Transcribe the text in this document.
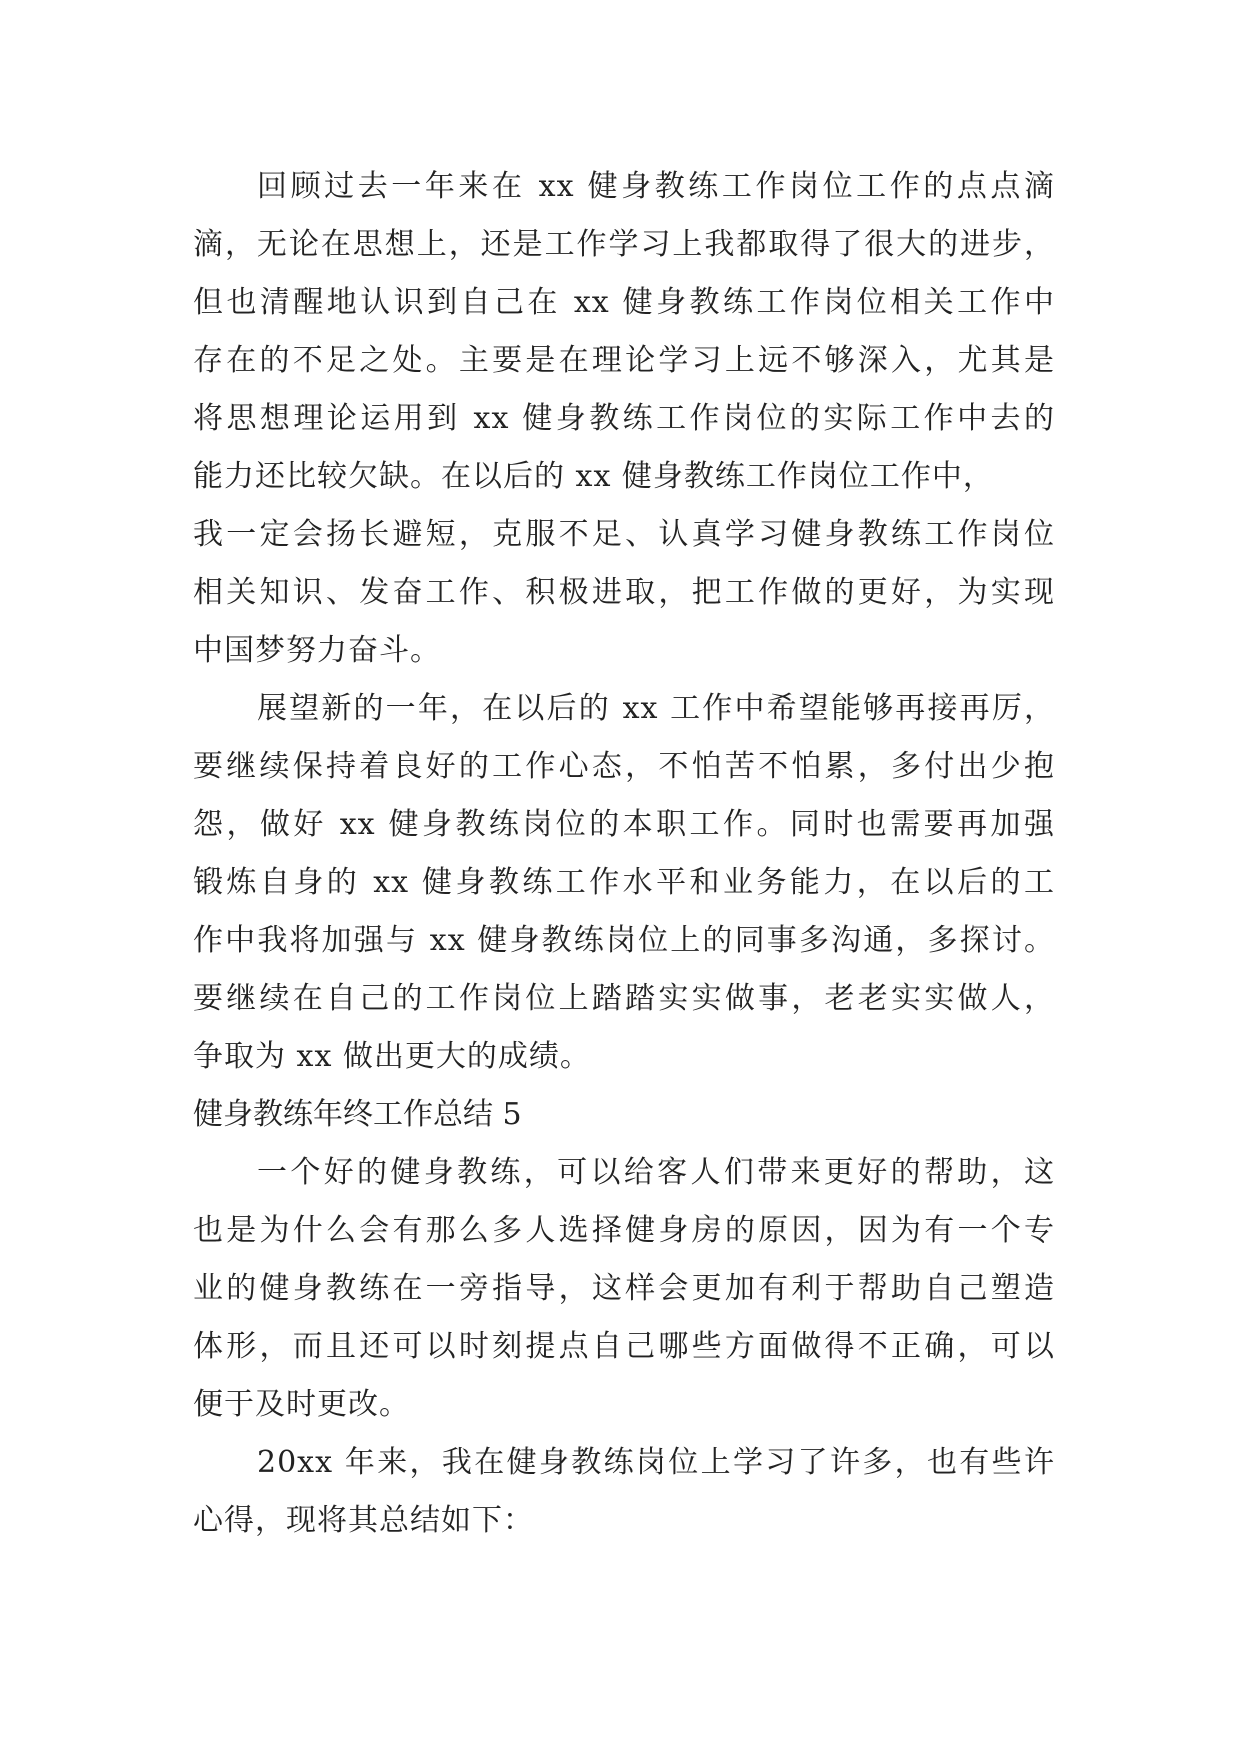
回顾过去一年来在 xx 健身教练工作岗位工作的点点滴
滴，无论在思想上，还是工作学习上我都取得了很大的进步，
但也清醒地认识到自己在 xx 健身教练工作岗位相关工作中
存在的不足之处。主要是在理论学习上远不够深入，尤其是
将思想理论运用到 xx 健身教练工作岗位的实际工作中去的
能力还比较欠缺。在以后的 xx 健身教练工作岗位工作中，
我一定会扬长避短，克服不足、认真学习健身教练工作岗位
相关知识、发奋工作、积极进取，把工作做的更好，为实现
中国梦努力奋斗。
展望新的一年，在以后的 xx 工作中希望能够再接再厉，
要继续保持着良好的工作心态，不怕苦不怕累，多付出少抱
怨，做好 xx 健身教练岗位的本职工作。同时也需要再加强
锻炼自身的 xx 健身教练工作水平和业务能力，在以后的工
作中我将加强与 xx 健身教练岗位上的同事多沟通，多探讨。
要继续在自己的工作岗位上踏踏实实做事，老老实实做人，
争取为 xx 做出更大的成绩。
健身教练年终工作总结 5
一个好的健身教练，可以给客人们带来更好的帮助，这
也是为什么会有那么多人选择健身房的原因，因为有一个专
业的健身教练在一旁指导，这样会更加有利于帮助自己塑造
体形，而且还可以时刻提点自己哪些方面做得不正确，可以
便于及时更改。
20xx 年来，我在健身教练岗位上学习了许多，也有些许
心得，现将其总结如下：
